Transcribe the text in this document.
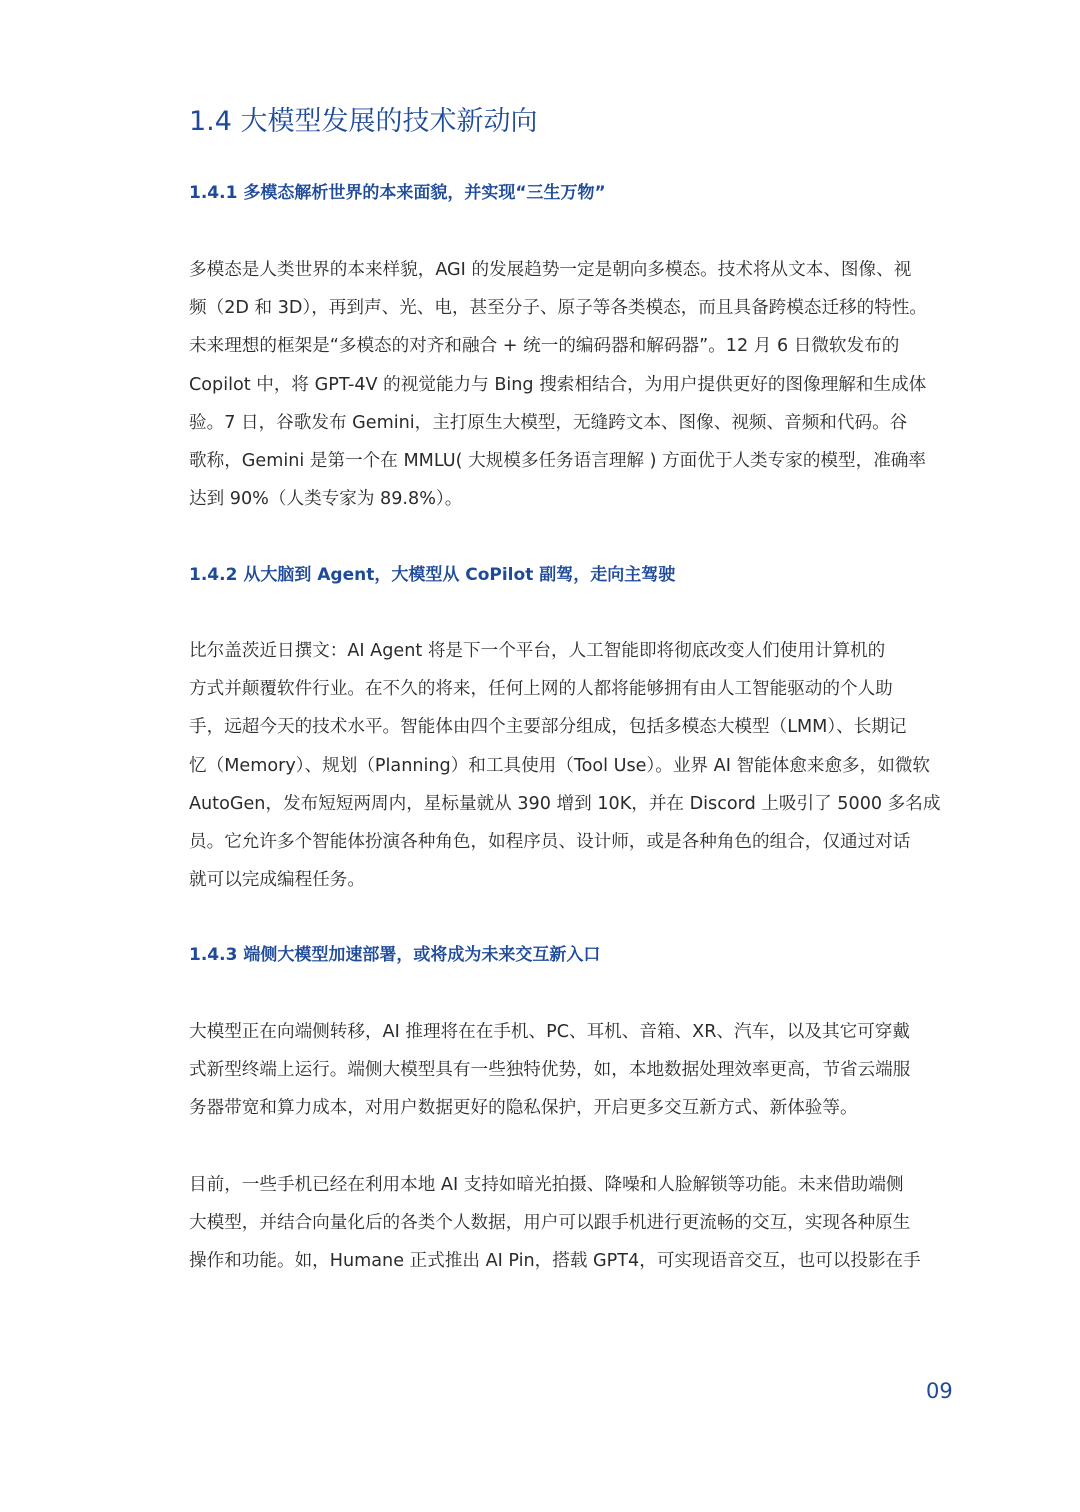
1.4 大模型发展的技术新动向
1.4.1 多模态解析世界的本来面貌，并实现“三生万物”
多模态是人类世界的本来样貌，AGI 的发展趋势一定是朝向多模态。技术将从文本、图像、视
频（2D 和 3D），再到声、光、电，甚至分子、原子等各类模态，而且具备跨模态迁移的特性。
未来理想的框架是“多模态的对齐和融合 + 统一的编码器和解码器”。12 月 6 日微软发布的
Copilot 中，将 GPT-4V 的视觉能力与 Bing 搜索相结合，为用户提供更好的图像理解和生成体
验。7 日，谷歌发布 Gemini，主打原生大模型，无缝跨文本、图像、视频、音频和代码。谷
歌称，Gemini 是第一个在 MMLU( 大规模多任务语言理解 ) 方面优于人类专家的模型，准确率
达到 90%（人类专家为 89.8%）。
1.4.2 从大脑到 Agent，大模型从 CoPilot 副驾，走向主驾驶
比尔盖茨近日撰文：AI Agent 将是下一个平台，人工智能即将彻底改变人们使用计算机的
方式并颠覆软件行业。在不久的将来，任何上网的人都将能够拥有由人工智能驱动的个人助
手，远超今天的技术水平。智能体由四个主要部分组成，包括多模态大模型（LMM）、长期记
忆（Memory）、规划（Planning）和工具使用（Tool Use）。业界 AI 智能体愈来愈多，如微软
AutoGen，发布短短两周内，星标量就从 390 增到 10K，并在 Discord 上吸引了 5000 多名成
员。它允许多个智能体扮演各种角色，如程序员、设计师，或是各种角色的组合，仅通过对话
就可以完成编程任务。
1.4.3 端侧大模型加速部署，或将成为未来交互新入口
大模型正在向端侧转移，AI 推理将在在手机、PC、耳机、音箱、XR、汽车，以及其它可穿戴
式新型终端上运行。端侧大模型具有一些独特优势，如，本地数据处理效率更高，节省云端服
务器带宽和算力成本，对用户数据更好的隐私保护，开启更多交互新方式、新体验等。
目前，一些手机已经在利用本地 AI 支持如暗光拍摄、降噪和人脸解锁等功能。未来借助端侧
大模型，并结合向量化后的各类个人数据，用户可以跟手机进行更流畅的交互，实现各种原生
操作和功能。如，Humane 正式推出 AI Pin，搭载 GPT4，可实现语音交互，也可以投影在手
09
